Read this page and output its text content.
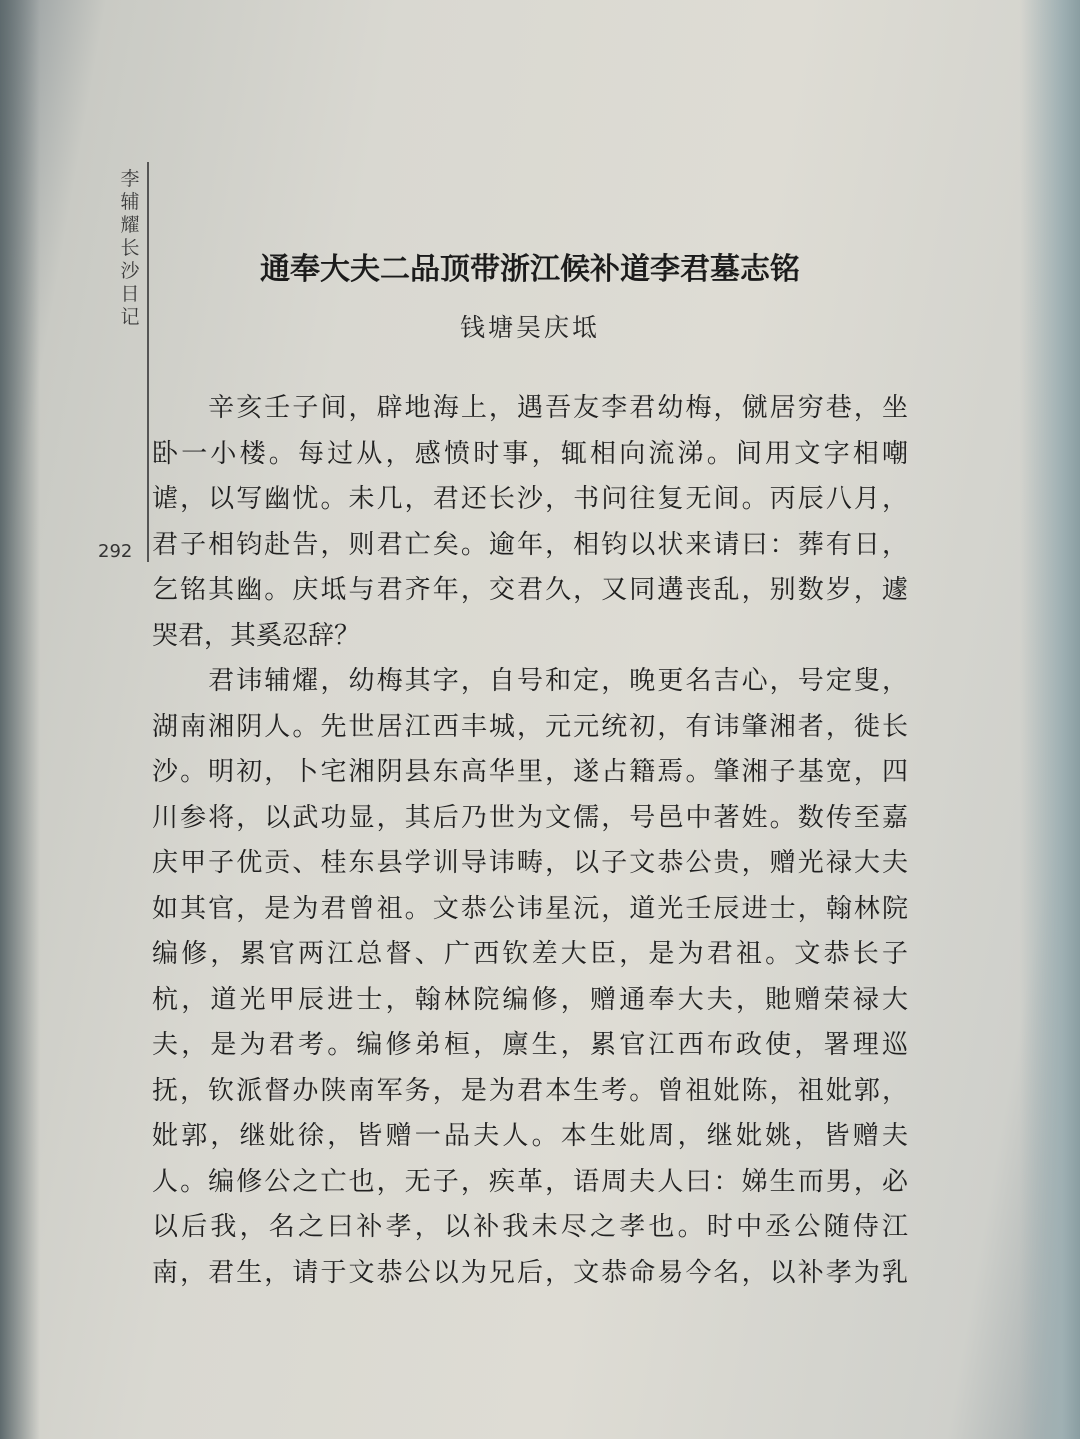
李
辅
耀
长
沙
日
记
292
通奉大夫二品顶带浙江候补道李君墓志铭
钱塘吴庆坻
　　辛亥壬子间，辟地海上，遇吾友李君幼梅，僦居穷巷，坐
卧一小楼。每过从，感愤时事，辄相向流涕。间用文字相嘲
谑，以写幽忧。未几，君还长沙，书问往复无间。丙辰八月，
君子相钧赴告，则君亡矣。逾年，相钧以状来请曰：葬有日，
乞铭其幽。庆坻与君齐年，交君久，又同遘丧乱，别数岁，遽
哭君，其奚忍辞？
　　君讳辅燿，幼梅其字，自号和定，晚更名吉心，号定叟，
湖南湘阴人。先世居江西丰城，元元统初，有讳肇湘者，徙长
沙。明初，卜宅湘阴县东高华里，遂占籍焉。肇湘子基宽，四
川参将，以武功显，其后乃世为文儒，号邑中著姓。数传至嘉
庆甲子优贡、桂东县学训导讳畴，以子文恭公贵，赠光禄大夫
如其官，是为君曾祖。文恭公讳星沅，道光壬辰进士，翰林院
编修，累官两江总督、广西钦差大臣，是为君祖。文恭长子
杭，道光甲辰进士，翰林院编修，赠通奉大夫，貤赠荣禄大
夫，是为君考。编修弟桓，廪生，累官江西布政使，署理巡
抚，钦派督办陕南军务，是为君本生考。曾祖妣陈，祖妣郭，
妣郭，继妣徐，皆赠一品夫人。本生妣周，继妣姚，皆赠夫
人。编修公之亡也，无子，疾革，语周夫人曰：娣生而男，必
以后我，名之曰补孝，以补我未尽之孝也。时中丞公随侍江
南，君生，请于文恭公以为兄后，文恭命易今名，以补孝为乳
